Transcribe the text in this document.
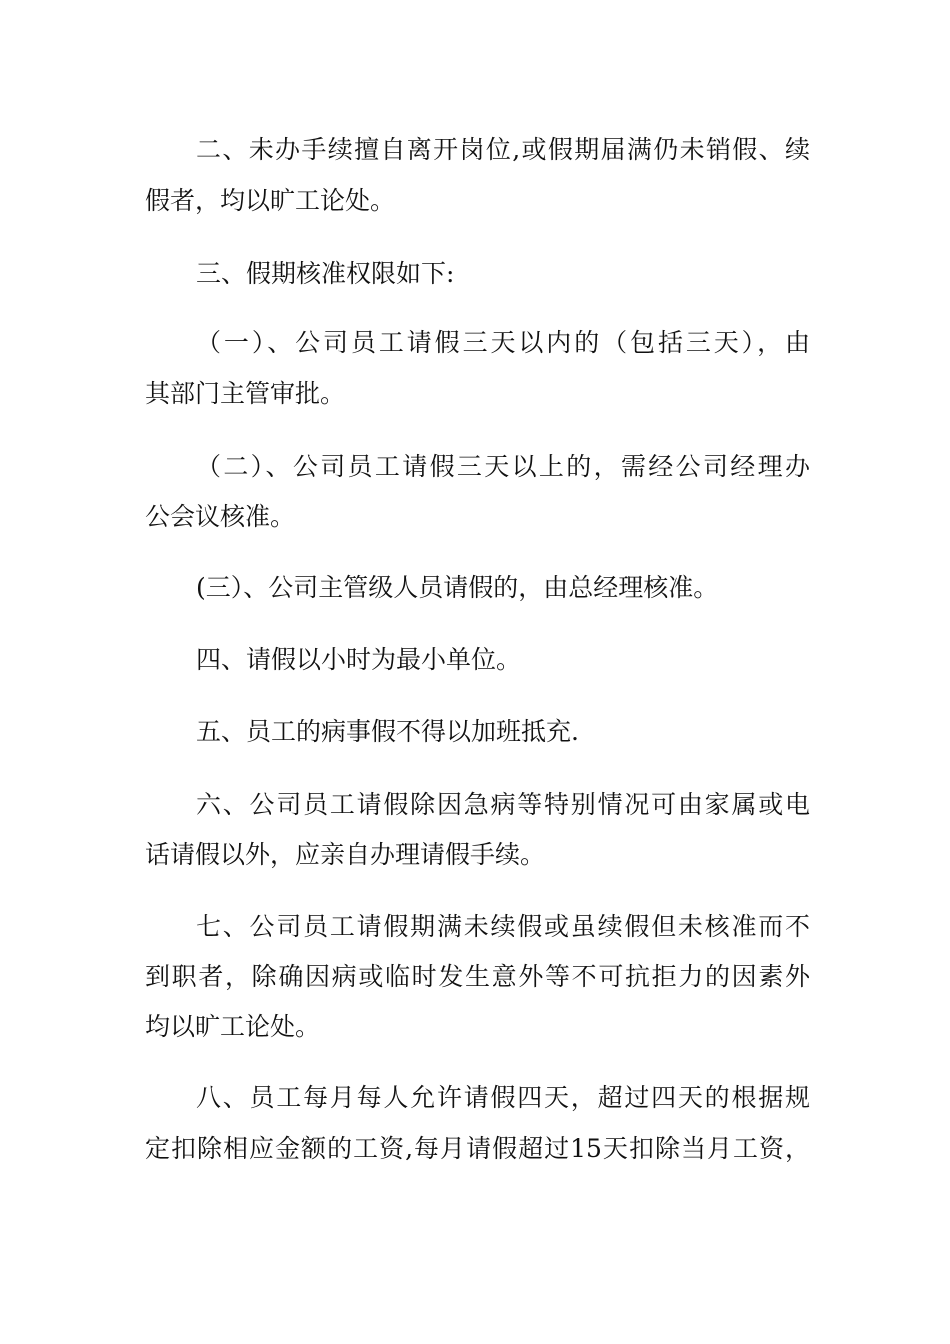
二、未办手续擅自离开岗位,或假期届满仍未销假、续

假者，均以旷工论处。

三、假期核准权限如下:

（一）、公司员工请假三天以内的（包括三天），由

其部门主管审批。

（二）、公司员工请假三天以上的，需经公司经理办

公会议核准。

(三）、公司主管级人员请假的，由总经理核准。

四、请假以小时为最小单位。

五、员工的病事假不得以加班抵充.

六、公司员工请假除因急病等特别情况可由家属或电

话请假以外，应亲自办理请假手续。

七、公司员工请假期满未续假或虽续假但未核准而不

到职者，除确因病或临时发生意外等不可抗拒力的因素外

均以旷工论处。

八、员工每月每人允许请假四天，超过四天的根据规

定扣除相应金额的工资,每月请假超过15天扣除当月工资，
